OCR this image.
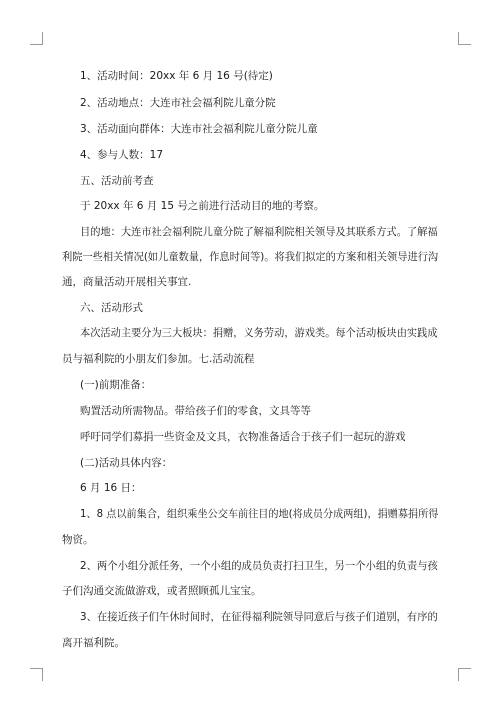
1、活动时间：20xx 年 6 月 16 号(待定)
2、活动地点：大连市社会福利院儿童分院
3、活动面向群体：大连市社会福利院儿童分院儿童
4、参与人数：17
五、活动前考查
于 20xx 年 6 月 15 号之前进行活动目的地的考察。
目的地：大连市社会福利院儿童分院了解福利院相关领导及其联系方式。了解福
利院一些相关情况(如儿童数量，作息时间等)。将我们拟定的方案和相关领导进行沟
通，商量活动开展相关事宜.
六、活动形式
本次活动主要分为三大板块：捐赠，义务劳动，游戏类。每个活动板块由实践成
员与福利院的小朋友们参加。七.活动流程
(一)前期准备：
购置活动所需物品。带给孩子们的零食，文具等等
呼吁同学们募捐一些资金及文具，衣物准备适合于孩子们一起玩的游戏
(二)活动具体内容：
6 月 16 日：
1、8 点以前集合，组织乘坐公交车前往目的地(将成员分成两组)，捐赠募捐所得
物资。
2、两个小组分派任务，一个小组的成员负责打扫卫生，另一个小组的负责与孩
子们沟通交流做游戏，或者照顾孤儿宝宝。
3、在接近孩子们午休时间时，在征得福利院领导同意后与孩子们道别，有序的
离开福利院。
